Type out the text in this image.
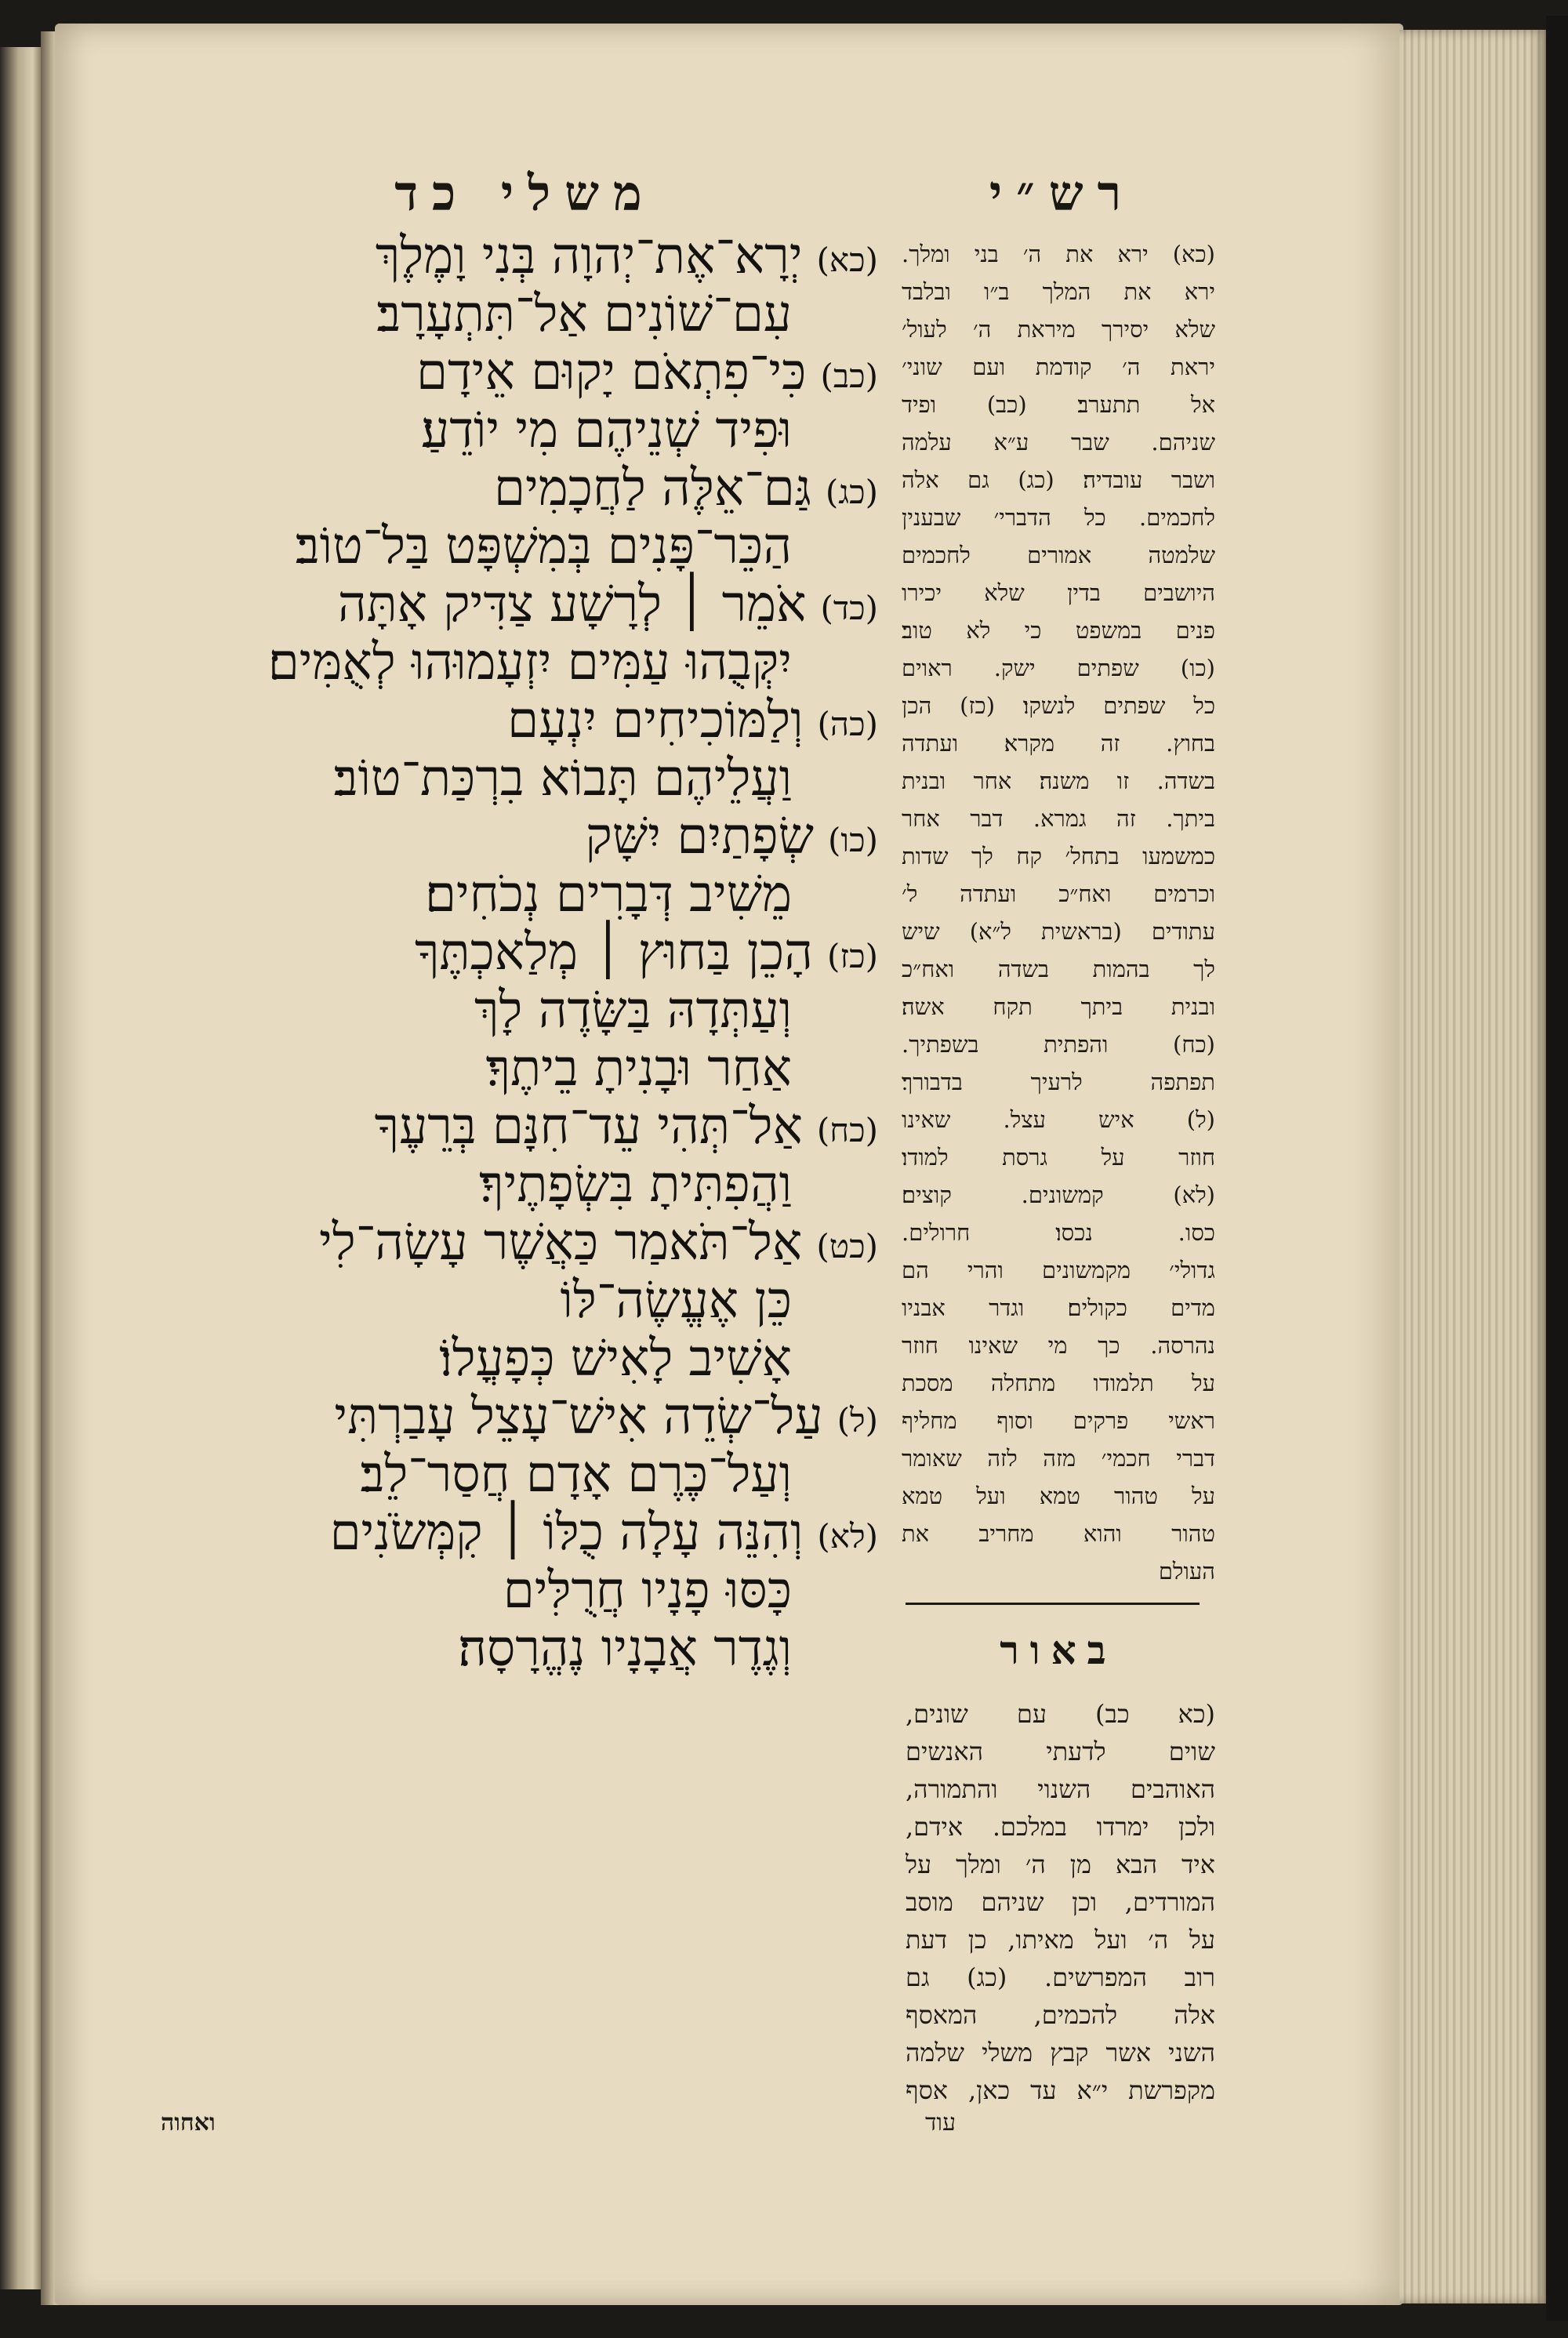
משלי כד	רש״י
(כא)יְרָא־אֶת־יְהוָה בְּנִי וָמֶלֶךְ
עִם־שׁוֹנִים אַל־תִּתְעָרָב׃
(כב)כִּי־פִתְאֹם יָקוּם אֵידָם
וּפִיד שְׁנֵיהֶם מִי יוֹדֵעַ׃
(כג)גַּם־אֵלֶּה לַחֲכָמִים
הַכֵּר־פָּנִים בְּמִשְׁפָּט בַּל־טוֹב׃
(כד)אֹמֵר ׀ לְרָשָׁע צַדִּיק אָתָּה
יִקְּבֻהוּ עַמִּים יִזְעָמוּהוּ לְאֻמִּים׃
(כה)וְלַמּוֹכִיחִים יִנְעָם
וַעֲלֵיהֶם תָּבוֹא בִרְכַּת־טוֹב׃
(כו)שְׂפָתַיִם יִשָּׁק
מֵשִׁיב דְּבָרִים נְכֹחִים׃
(כז)הָכֵן בַּחוּץ ׀ מְלַאכְתֶּךָ
וְעַתְּדָהּ בַּשָּׂדֶה לָךְ
אַחַר וּבָנִיתָ בֵיתֶךָ׃
(כח)אַל־תְּהִי עֵד־חִנָּם בְּרֵעֶךָ
וַהֲפִתִּיתָ בִּשְׂפָתֶיךָ׃
(כט)אַל־תֹּאמַר כַּאֲשֶׁר עָשָׂה־לִי
כֵּן אֶעֱשֶׂה־לּוֹ
אָשִׁיב לָאִישׁ כְּפָעֳלוֹ׃
(ל)עַל־שְׂדֵה אִישׁ־עָצֵל עָבַרְתִּי
וְעַל־כֶּרֶם אָדָם חֲסַר־לֵב׃
(לא)וְהִנֵּה עָלָה כֻלּוֹ ׀ קִמְּשֹׂנִים
כָּסּוּ פָנָיו חֲרֻלִּים
וְגֶדֶר אֲבָנָיו נֶהֱרָסָה׃
(כא) ירא את ה׳ בני ומלך.
ירא את המלך ב״ו ובלבד
שלא יסירך מיראת ה׳ לעול׳
יראת ה׳ קודמת ועם שוני׳
אל תתערב׃ (כב) ופיד
שניהם. שבר ע״א עלמה
ושבר עובדיה׃ (כג) גם אלה
לחכמים. כל הדברי׳ שבענין
שלמטה אמורים לחכמים
היושבים בדין שלא יכירו
פנים במשפט כי לא טוב׃
(כו) שפתים ישק. ראוים
כל שפתים לנשקו׃ (כז) הכן
בחוץ. זה מקרא׃ ועתדה
בשדה. זו משנה׃ אחר ובנית
ביתך. זה גמרא. דבר אחר
כמשמעו בתחל׳ קח לך שדות
וכרמים ואח״כ ועתדה ל׳
עתודים (בראשית ל״א) שיש
לך בהמות בשדה ואח״כ
ובנית ביתך תקח אשה׃
(כח) והפתית בשפתיך.
תפתפה לרעיך בדבורך׃
(ל) איש עצל. שאינו
חוזר על גרסת למודו׃
(לא) קמשונים. קוצים׃
כסו. נכסו׃ חרולים.
גדולי׳ מקמשונים והרי הם
מדים כקולים׃ וגדר אבניו
נהרסה. כך מי שאינו חוזר
על תלמודו מתחלה מסכת
ראשי פרקים וסוף מחליף
דברי חכמי׳ מזה לזה שאומר
על טהור טמא ועל טמא
טהור והוא מחריב את
העולם
באור
(כא כב) עם שונים,
שוים לדעתי האנשים
האוהבים השנוי והתמורה,
ולכן ימרדו במלכם. אידם,
איד הבא מן ה׳ ומלך על
המורדים, וכן שניהם מוסב
על ה׳ ועל מאיתו, כן דעת
רוב המפרשים. (כג) גם
אלה להכמים, המאסף
השני אשר קבץ משלי שלמה
מקפרשת י״א עד כאן, אסף
ואחוה	עוד
